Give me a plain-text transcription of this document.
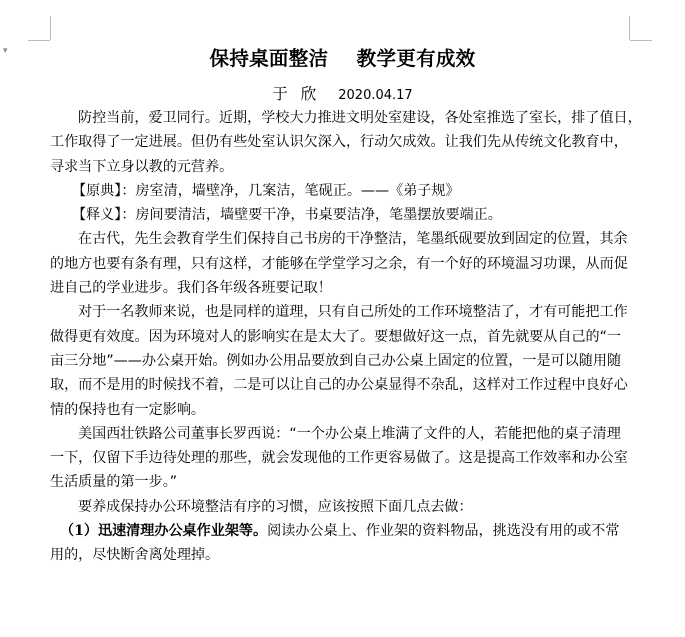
▾	保持桌面整洁    教学更有成效
于 欣 2020.04.17

防控当前，爱卫同行。近期，学校大力推进文明处室建设，各处室推选了室长，排了值日，

工作取得了一定进展。但仍有些处室认识欠深入，行动欠成效。让我们先从传统文化教育中，

寻求当下立身以教的元营养。

【原典】：房室清，墙壁净，几案洁，笔砚正。——《弟子规》

【释义】：房间要清洁，墙壁要干净，书桌要洁净，笔墨摆放要端正。

在古代，先生会教育学生们保持自己书房的干净整洁，笔墨纸砚要放到固定的位置，其余

的地方也要有条有理，只有这样，才能够在学堂学习之余，有一个好的环境温习功课，从而促

进自己的学业进步。我们各年级各班要记取！

对于一名教师来说，也是同样的道理，只有自己所处的工作环境整洁了，才有可能把工作

做得更有效度。因为环境对人的影响实在是太大了。要想做好这一点，首先就要从自己的“一

亩三分地”——办公桌开始。例如办公用品要放到自己办公桌上固定的位置，一是可以随用随

取，而不是用的时候找不着，二是可以让自己的办公桌显得不杂乱，这样对工作过程中良好心

情的保持也有一定影响。

美国西壮铁路公司董事长罗西说：“一个办公桌上堆满了文件的人，若能把他的桌子清理

一下，仅留下手边待处理的那些，就会发现他的工作更容易做了。这是提高工作效率和办公室

生活质量的第一步。”

要养成保持办公环境整洁有序的习惯，应该按照下面几点去做：

（1）迅速清理办公桌作业架等。阅读办公桌上、作业架的资料物品，挑选没有用的或不常

用的，尽快断舍离处理掉。
